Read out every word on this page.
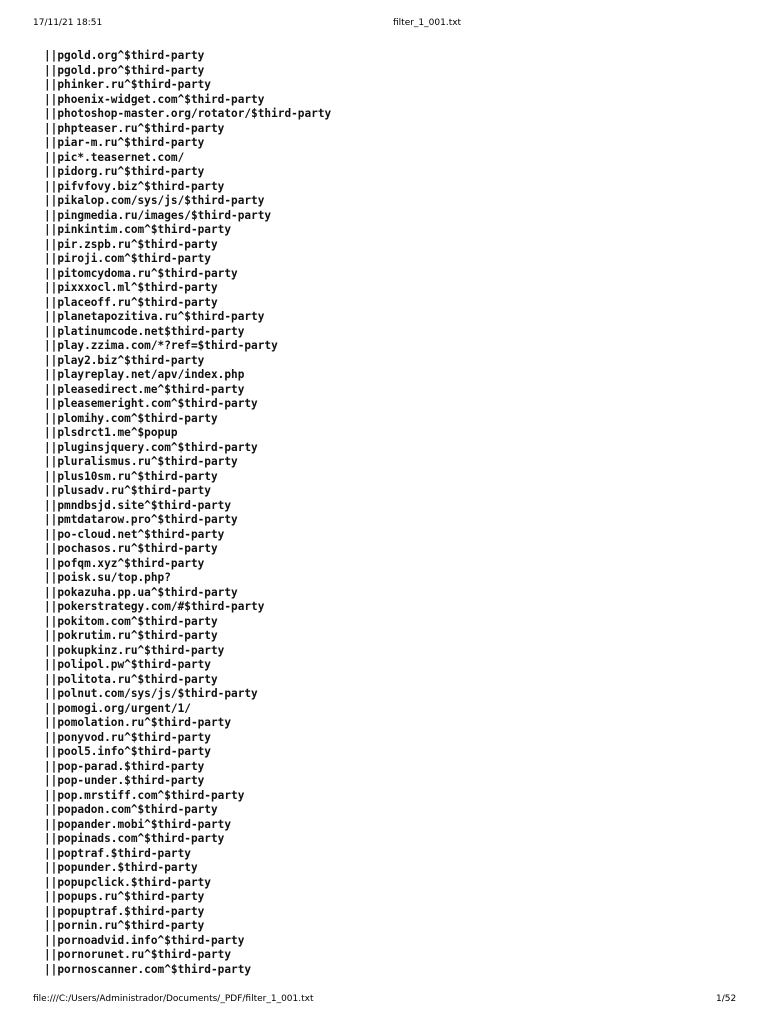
17/11/21 18:51	filter_1_001.txt
||pgold.org^$third-party
||pgold.pro^$third-party
||phinker.ru^$third-party
||phoenix-widget.com^$third-party
||photoshop-master.org/rotator/$third-party
||phpteaser.ru^$third-party
||piar-m.ru^$third-party
||pic*.teasernet.com/
||pidorg.ru^$third-party
||pifvfovy.biz^$third-party
||pikalop.com/sys/js/$third-party
||pingmedia.ru/images/$third-party
||pinkintim.com^$third-party
||pir.zspb.ru^$third-party
||piroji.com^$third-party
||pitomcydoma.ru^$third-party
||pixxxocl.ml^$third-party
||placeoff.ru^$third-party
||planetapozitiva.ru^$third-party
||platinumcode.net$third-party
||play.zzima.com/*?ref=$third-party
||play2.biz^$third-party
||playreplay.net/apv/index.php
||pleasedirect.me^$third-party
||pleasemeright.com^$third-party
||plomihy.com^$third-party
||plsdrct1.me^$popup
||pluginsjquery.com^$third-party
||pluralismus.ru^$third-party
||plus10sm.ru^$third-party
||plusadv.ru^$third-party
||pmndbsjd.site^$third-party
||pmtdatarow.pro^$third-party
||po-cloud.net^$third-party
||pochasos.ru^$third-party
||pofqm.xyz^$third-party
||poisk.su/top.php?
||pokazuha.pp.ua^$third-party
||pokerstrategy.com/#$third-party
||pokitom.com^$third-party
||pokrutim.ru^$third-party
||pokupkinz.ru^$third-party
||polipol.pw^$third-party
||politota.ru^$third-party
||polnut.com/sys/js/$third-party
||pomogi.org/urgent/1/
||pomolation.ru^$third-party
||ponyvod.ru^$third-party
||pool5.info^$third-party
||pop-parad.$third-party
||pop-under.$third-party
||pop.mrstiff.com^$third-party
||popadon.com^$third-party
||popander.mobi^$third-party
||popinads.com^$third-party
||poptraf.$third-party
||popunder.$third-party
||popupclick.$third-party
||popups.ru^$third-party
||popuptraf.$third-party
||pornin.ru^$third-party
||pornoadvid.info^$third-party
||pornorunet.ru^$third-party
||pornoscanner.com^$third-party
file:///C:/Users/Administrador/Documents/_PDF/filter_1_001.txt	1/52
